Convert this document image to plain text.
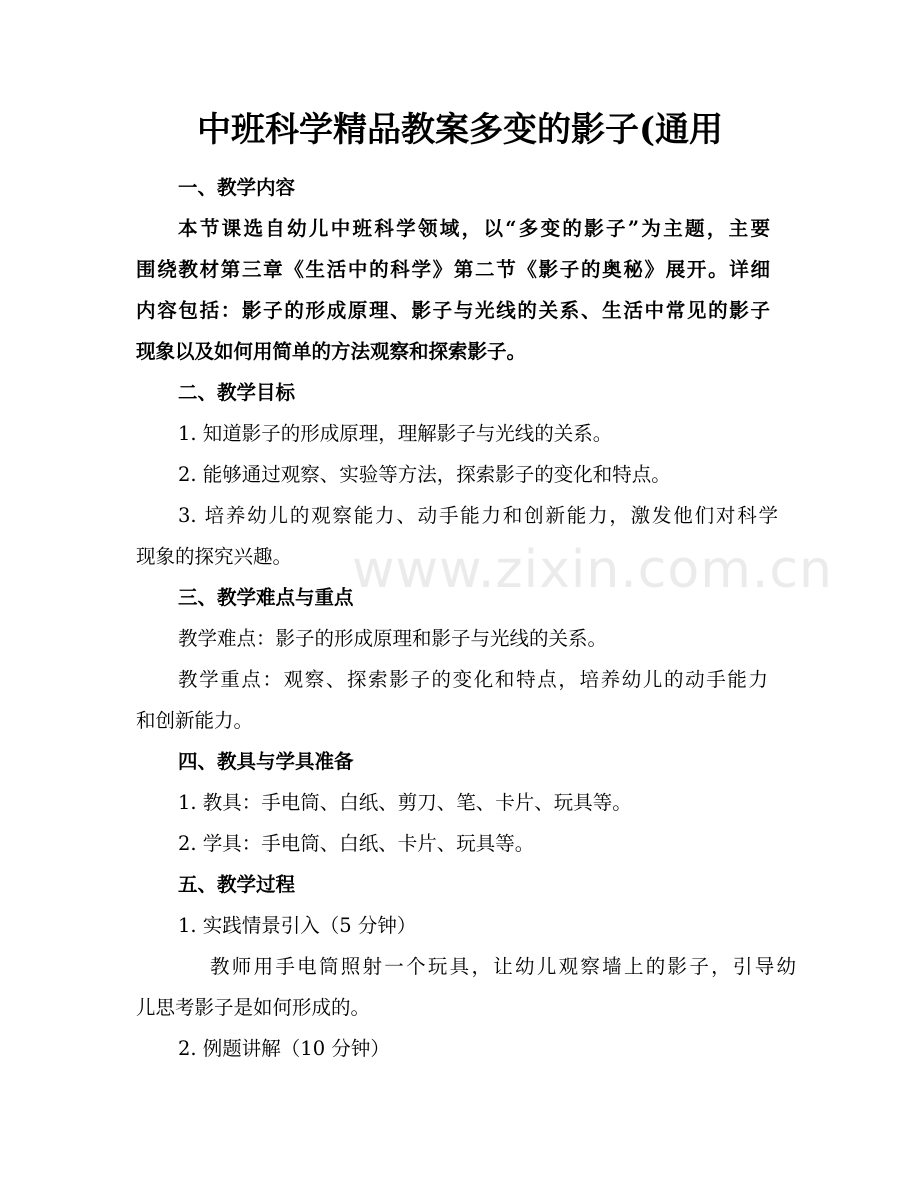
www.zixin.com.cn
中班科学精品教案多变的影子(通用
一、教学内容
本节课选自幼儿中班科学领域，以“多变的影子”为主题，主要
围绕教材第三章《生活中的科学》第二节《影子的奥秘》展开。详细
内容包括：影子的形成原理、影子与光线的关系、生活中常见的影子
现象以及如何用简单的方法观察和探索影子。
二、教学目标
1. 知道影子的形成原理，理解影子与光线的关系。
2. 能够通过观察、实验等方法，探索影子的变化和特点。
3. 培养幼儿的观察能力、动手能力和创新能力，激发他们对科学
现象的探究兴趣。
三、教学难点与重点
教学难点：影子的形成原理和影子与光线的关系。
教学重点：观察、探索影子的变化和特点，培养幼儿的动手能力
和创新能力。
四、教具与学具准备
1. 教具：手电筒、白纸、剪刀、笔、卡片、玩具等。
2. 学具：手电筒、白纸、卡片、玩具等。
五、教学过程
1. 实践情景引入（5 分钟）
教师用手电筒照射一个玩具，让幼儿观察墙上的影子，引导幼
儿思考影子是如何形成的。
2. 例题讲解（10 分钟）
